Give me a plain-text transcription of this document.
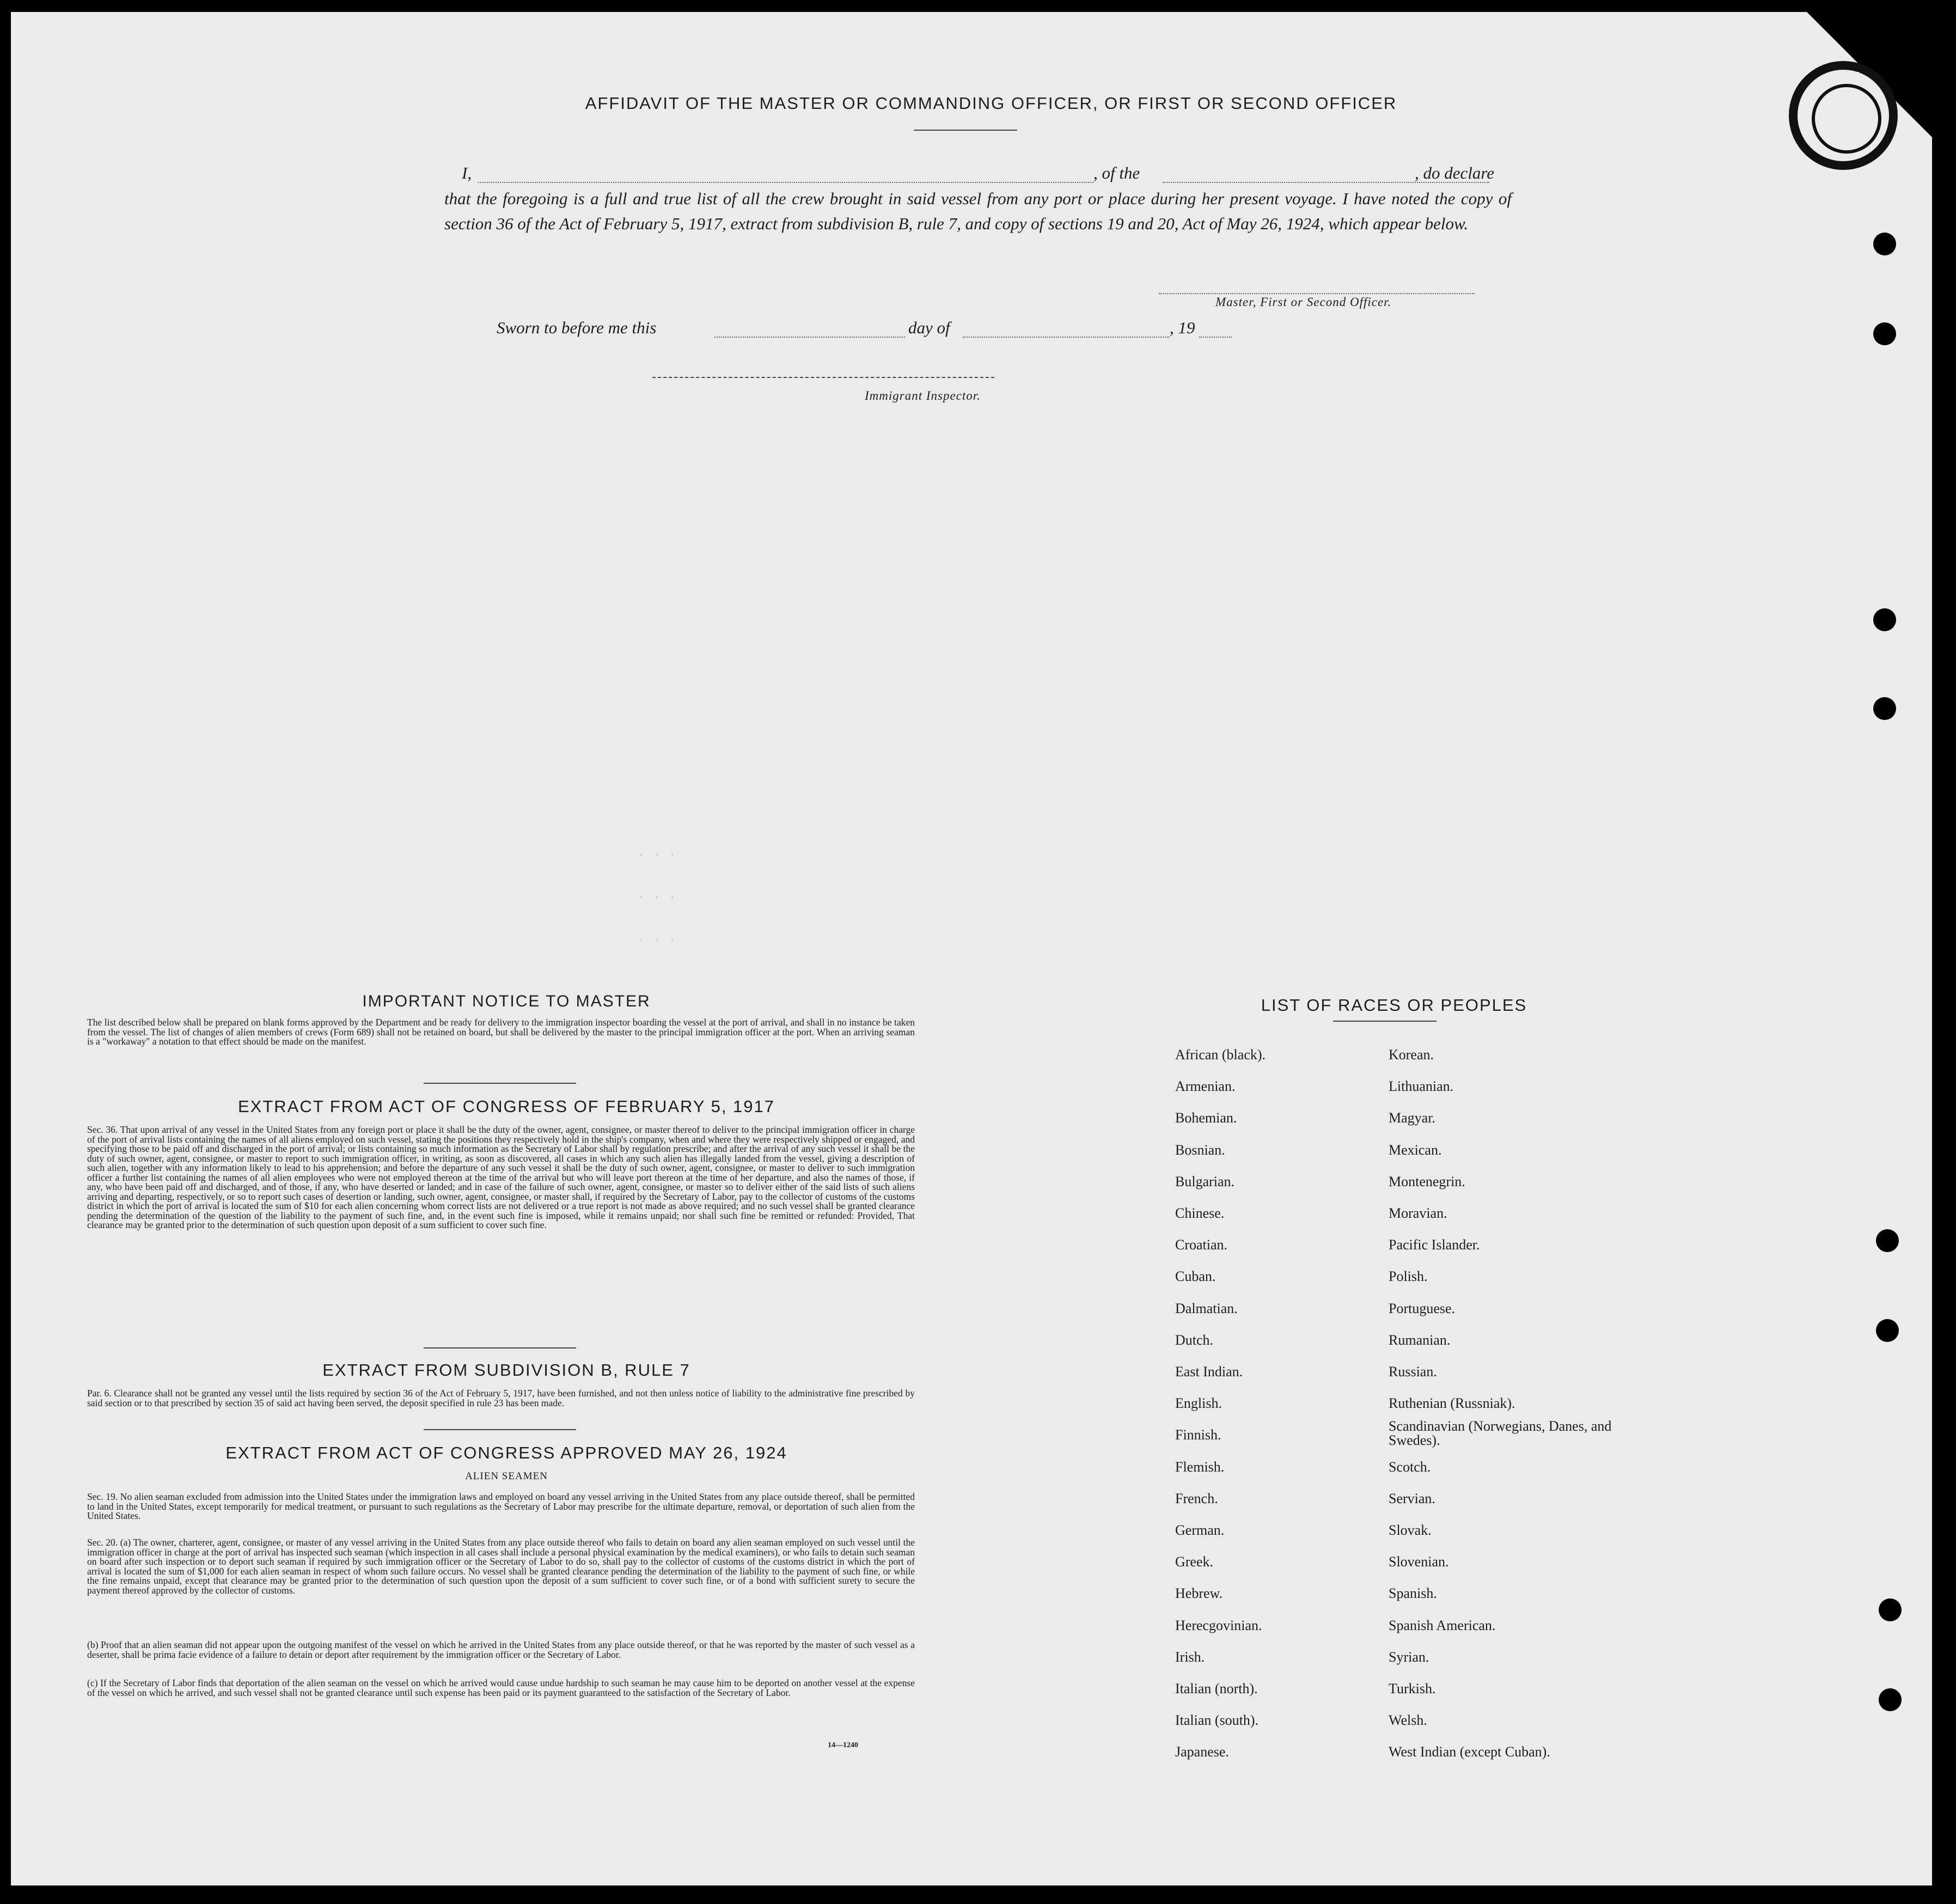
●●●
AFFIDAVIT OF THE MASTER OR COMMANDING OFFICER, OR FIRST OR SECOND OFFICER
I,	, of the	, do declare
that the foregoing is a full and true list of all the crew brought in said vessel from any port or place during her present voyage. I have noted the copy of section 36 of the Act of February 5, 1917, extract from subdivision B, rule 7, and copy of sections 19 and 20, Act of May 26, 1924, which appear below.
Master, First or Second Officer.
Sworn to before me this	day of	, 19
Immigrant Inspector.
. . .
. . .
. . .
IMPORTANT NOTICE TO MASTER
The list described below shall be prepared on blank forms approved by the Department and be ready for delivery to the immigration inspector boarding the vessel at the port of arrival, and shall in no instance be taken from the vessel. The list of changes of alien members of crews (Form 689) shall not be retained on board, but shall be delivered by the master to the principal immigration officer at the port. When an arriving seaman is a "workaway" a notation to that effect should be made on the manifest.
EXTRACT FROM ACT OF CONGRESS OF FEBRUARY 5, 1917
Sec. 36. That upon arrival of any vessel in the United States from any foreign port or place it shall be the duty of the owner, agent, consignee, or master thereof to deliver to the principal immigration officer in charge of the port of arrival lists containing the names of all aliens employed on such vessel, stating the positions they respectively hold in the ship's company, when and where they were respectively shipped or engaged, and specifying those to be paid off and discharged in the port of arrival; or lists containing so much information as the Secretary of Labor shall by regulation prescribe; and after the arrival of any such vessel it shall be the duty of such owner, agent, consignee, or master to report to such immigration officer, in writing, as soon as discovered, all cases in which any such alien has illegally landed from the vessel, giving a description of such alien, together with any information likely to lead to his apprehension; and before the departure of any such vessel it shall be the duty of such owner, agent, consignee, or master to deliver to such immigration officer a further list containing the names of all alien employees who were not employed thereon at the time of the arrival but who will leave port thereon at the time of her departure, and also the names of those, if any, who have been paid off and discharged, and of those, if any, who have deserted or landed; and in case of the failure of such owner, agent, consignee, or master so to deliver either of the said lists of such aliens arriving and departing, respectively, or so to report such cases of desertion or landing, such owner, agent, consignee, or master shall, if required by the Secretary of Labor, pay to the collector of customs of the customs district in which the port of arrival is located the sum of $10 for each alien concerning whom correct lists are not delivered or a true report is not made as above required; and no such vessel shall be granted clearance pending the determination of the question of the liability to the payment of such fine, and, in the event such fine is imposed, while it remains unpaid; nor shall such fine be remitted or refunded: Provided, That clearance may be granted prior to the determination of such question upon deposit of a sum sufficient to cover such fine.
EXTRACT FROM SUBDIVISION B, RULE 7
Par. 6. Clearance shall not be granted any vessel until the lists required by section 36 of the Act of February 5, 1917, have been furnished, and not then unless notice of liability to the administrative fine prescribed by said section or to that prescribed by section 35 of said act having been served, the deposit specified in rule 23 has been made.
EXTRACT FROM ACT OF CONGRESS APPROVED MAY 26, 1924
ALIEN SEAMEN
Sec. 19. No alien seaman excluded from admission into the United States under the immigration laws and employed on board any vessel arriving in the United States from any place outside thereof, shall be permitted to land in the United States, except temporarily for medical treatment, or pursuant to such regulations as the Secretary of Labor may prescribe for the ultimate departure, removal, or deportation of such alien from the United States.
Sec. 20. (a) The owner, charterer, agent, consignee, or master of any vessel arriving in the United States from any place outside thereof who fails to detain on board any alien seaman employed on such vessel until the immigration officer in charge at the port of arrival has inspected such seaman (which inspection in all cases shall include a personal physical examination by the medical examiners), or who fails to detain such seaman on board after such inspection or to deport such seaman if required by such immigration officer or the Secretary of Labor to do so, shall pay to the collector of customs of the customs district in which the port of arrival is located the sum of $1,000 for each alien seaman in respect of whom such failure occurs. No vessel shall be granted clearance pending the determination of the liability to the payment of such fine, or while the fine remains unpaid, except that clearance may be granted prior to the determination of such question upon the deposit of a sum sufficient to cover such fine, or of a bond with sufficient surety to secure the payment thereof approved by the collector of customs.
(b) Proof that an alien seaman did not appear upon the outgoing manifest of the vessel on which he arrived in the United States from any place outside thereof, or that he was reported by the master of such vessel as a deserter, shall be prima facie evidence of a failure to detain or deport after requirement by the immigration officer or the Secretary of Labor.
(c) If the Secretary of Labor finds that deportation of the alien seaman on the vessel on which he arrived would cause undue hardship to such seaman he may cause him to be deported on another vessel at the expense of the vessel on which he arrived, and such vessel shall not be granted clearance until such expense has been paid or its payment guaranteed to the satisfaction of the Secretary of Labor.
14—1240
LIST OF RACES OR PEOPLES
African (black).
Armenian.
Bohemian.
Bosnian.
Bulgarian.
Chinese.
Croatian.
Cuban.
Dalmatian.
Dutch.
East Indian.
English.
Finnish.
Flemish.
French.
German.
Greek.
Hebrew.
Herecgovinian.
Irish.
Italian (north).
Italian (south).
Japanese.
Korean.
Lithuanian.
Magyar.
Mexican.
Montenegrin.
Moravian.
Pacific Islander.
Polish.
Portuguese.
Rumanian.
Russian.
Ruthenian (Russniak).
Scandinavian (Norwegians, Danes, and Swedes).
Scotch.
Servian.
Slovak.
Slovenian.
Spanish.
Spanish American.
Syrian.
Turkish.
Welsh.
West Indian (except Cuban).
